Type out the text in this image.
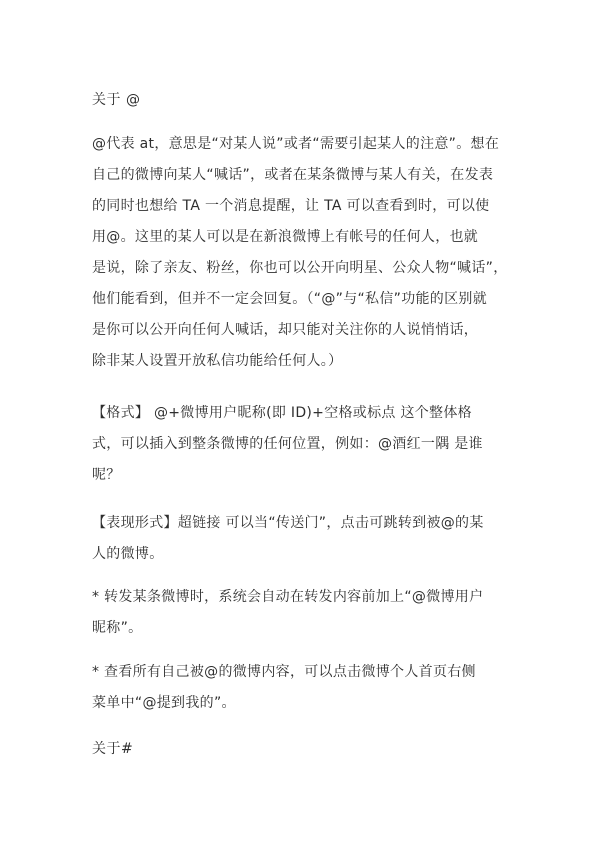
关于 @
@代表 at，意思是“对某人说”或者“需要引起某人的注意”。想在
自己的微博向某人“喊话”，或者在某条微博与某人有关，在发表
的同时也想给 TA 一个消息提醒，让 TA 可以查看到时，可以使
用@。这里的某人可以是在新浪微博上有帐号的任何人，也就
是说，除了亲友、粉丝，你也可以公开向明星、公众人物“喊话”，
他们能看到，但并不一定会回复。（“@”与“私信”功能的区别就
是你可以公开向任何人喊话，却只能对关注你的人说悄悄话，
除非某人设置开放私信功能给任何人。）
【格式】 @+微博用户昵称(即 ID)+空格或标点 这个整体格
式，可以插入到整条微博的任何位置，例如：@酒红一隅 是谁
呢？
【表现形式】超链接 可以当“传送门”，点击可跳转到被@的某
人的微博。
* 转发某条微博时，系统会自动在转发内容前加上“@微博用户
昵称”。
* 查看所有自己被@的微博内容，可以点击微博个人首页右侧
菜单中“@提到我的”。
关于#
